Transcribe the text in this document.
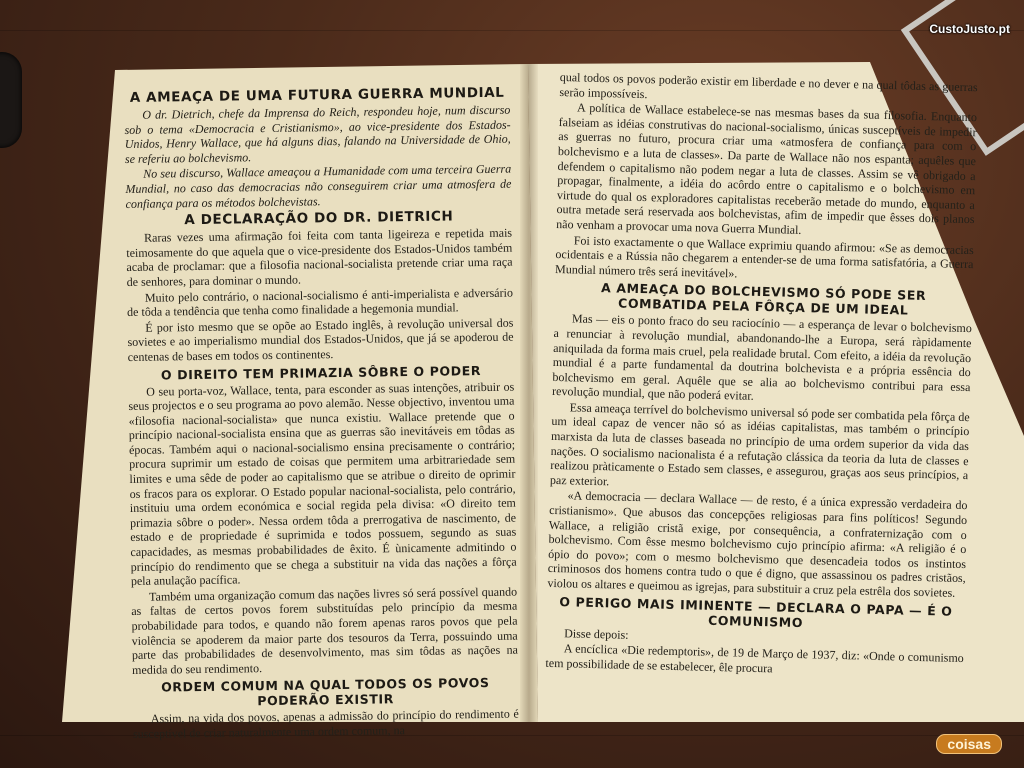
A AMEAÇA DE UMA FUTURA GUERRA MUNDIAL

O dr. Dietrich, chefe da Imprensa do Reich, respondeu hoje, num discurso sob o tema «Democracia e Cristianismo», ao vice-presidente dos Estados-Unidos, Henry Wallace, que há alguns dias, falando na Universidade de Ohio, se referiu ao bolchevismo.

No seu discurso, Wallace ameaçou a Humanidade com uma terceira Guerra Mundial, no caso das democracias não conseguirem criar uma atmosfera de confiança para os métodos bolchevistas.

A DECLARAÇÃO DO DR. DIETRICH

Raras vezes uma afirmação foi feita com tanta ligeireza e repetida mais teimosamente do que aquela que o vice-presidente dos Estados-Unidos também acaba de proclamar: que a filosofia nacional-socialista pretende criar uma raça de senhores, para dominar o mundo.

Muito pelo contrário, o nacional-socialismo é anti-imperialista e adversário de tôda a tendência que tenha como finalidade a hegemonia mundial.

É por isto mesmo que se opõe ao Estado inglês, à revolução universal dos sovietes e ao imperialismo mundial dos Estados-Unidos, que já se apoderou de centenas de bases em todos os continentes.

O DIREITO TEM PRIMAZIA SÔBRE O PODER

O seu porta-voz, Wallace, tenta, para esconder as suas intenções, atribuir os seus projectos e o seu programa ao povo alemão. Nesse objectivo, inventou uma «filosofia nacional-socialista» que nunca existiu. Wallace pretende que o princípio nacional-socialista ensina que as guerras são inevitáveis em tôdas as épocas. Também aqui o nacional-socialismo ensina precisamente o contrário; procura suprimir um estado de coisas que permitem uma arbitrariedade sem limites e uma sêde de poder ao capitalismo que se atribue o direito de oprimir os fracos para os explorar. O Estado popular nacional-socialista, pelo contrário, instituiu uma ordem económica e social regida pela divisa: «O direito tem primazia sôbre o poder». Nessa ordem tôda a prerrogativa de nascimento, de estado e de propriedade é suprimida e todos possuem, segundo as suas capacidades, as mesmas probabilidades de êxito. É ùnicamente admitindo o princípio do rendimento que se chega a substituir na vida das nações a fôrça pela anulação pacífica.

Também uma organização comum das nações livres só será possível quando as faltas de certos povos forem substituídas pelo princípio da mesma probabilidade para todos, e quando não forem apenas raros povos que pela violência se apoderem da maior parte dos tesouros da Terra, possuindo uma parte das probabilidades de desenvolvimento, mas sim tôdas as nações na medida do seu rendimento.

ORDEM COMUM NA QUAL TODOS OS POVOS PODERÃO EXISTIR

Assim, na vida dos povos, apenas a admissão do princípio do rendimento é susceptível de criar naturalmente uma ordem comum, na

qual todos os povos poderão existir em liberdade e no dever e na qual tôdas as guerras serão impossíveis.

A política de Wallace estabelece-se nas mesmas bases da sua filosofia. Enquanto falseiam as idéias construtivas do nacional-socialismo, únicas susceptíveis de impedir as guerras no futuro, procura criar uma «atmosfera de confiança para com o bolchevismo e a luta de classes». Da parte de Wallace não nos espanta; aquêles que defendem o capitalismo não podem negar a luta de classes. Assim se vê obrigado a propagar, finalmente, a idéia do acôrdo entre o capitalismo e o bolchevismo em virtude do qual os exploradores capitalistas receberão metade do mundo, enquanto a outra metade será reservada aos bolchevistas, afim de impedir que êsses dois planos não venham a provocar uma nova Guerra Mundial.

Foi isto exactamente o que Wallace exprimiu quando afirmou: «Se as democracias ocidentais e a Rússia não chegarem a entender-se de uma forma satisfatória, a Guerra Mundial número três será inevitável».

A AMEAÇA DO BOLCHEVISMO SÓ PODE SER COMBATIDA PELA FÔRÇA DE UM IDEAL

Mas — eis o ponto fraco do seu raciocínio — a esperança de levar o bolchevismo a renunciar à revolução mundial, abandonando-lhe a Europa, será ràpidamente aniquilada da forma mais cruel, pela realidade brutal. Com efeito, a idéia da revolução mundial é a parte fundamental da doutrina bolchevista e a própria essência do bolchevismo em geral. Aquêle que se alia ao bolchevismo contribui para essa revolução mundial, que não poderá evitar.

Essa ameaça terrível do bolchevismo universal só pode ser combatida pela fôrça de um ideal capaz de vencer não só as idéias capitalistas, mas também o princípio marxista da luta de classes baseada no princípio de uma ordem superior da vida das nações. O socialismo nacionalista é a refutação clássica da teoria da luta de classes e realizou pràticamente o Estado sem classes, e assegurou, graças aos seus princípios, a paz exterior.

«A democracia — declara Wallace — de resto, é a única expressão verdadeira do cristianismo». Que abusos das concepções religiosas para fins políticos! Segundo Wallace, a religião cristã exige, por consequência, a confraternização com o bolchevismo. Com êsse mesmo bolchevismo cujo princípio afirma: «A religião é o ópio do povo»; com o mesmo bolchevismo que desencadeia todos os instintos criminosos dos homens contra tudo o que é digno, que assassinou os padres cristãos, violou os altares e queimou as igrejas, para substituir a cruz pela estrêla dos sovietes.

O PERIGO MAIS IMINENTE — DECLARA O PAPA — É O COMUNISMO

Disse depois:

A encíclica «Die redemptoris», de 19 de Março de 1937, diz: «Onde o comunismo tem possibilidade de se estabelecer, êle procura

CustoJusto.pt
coisas
